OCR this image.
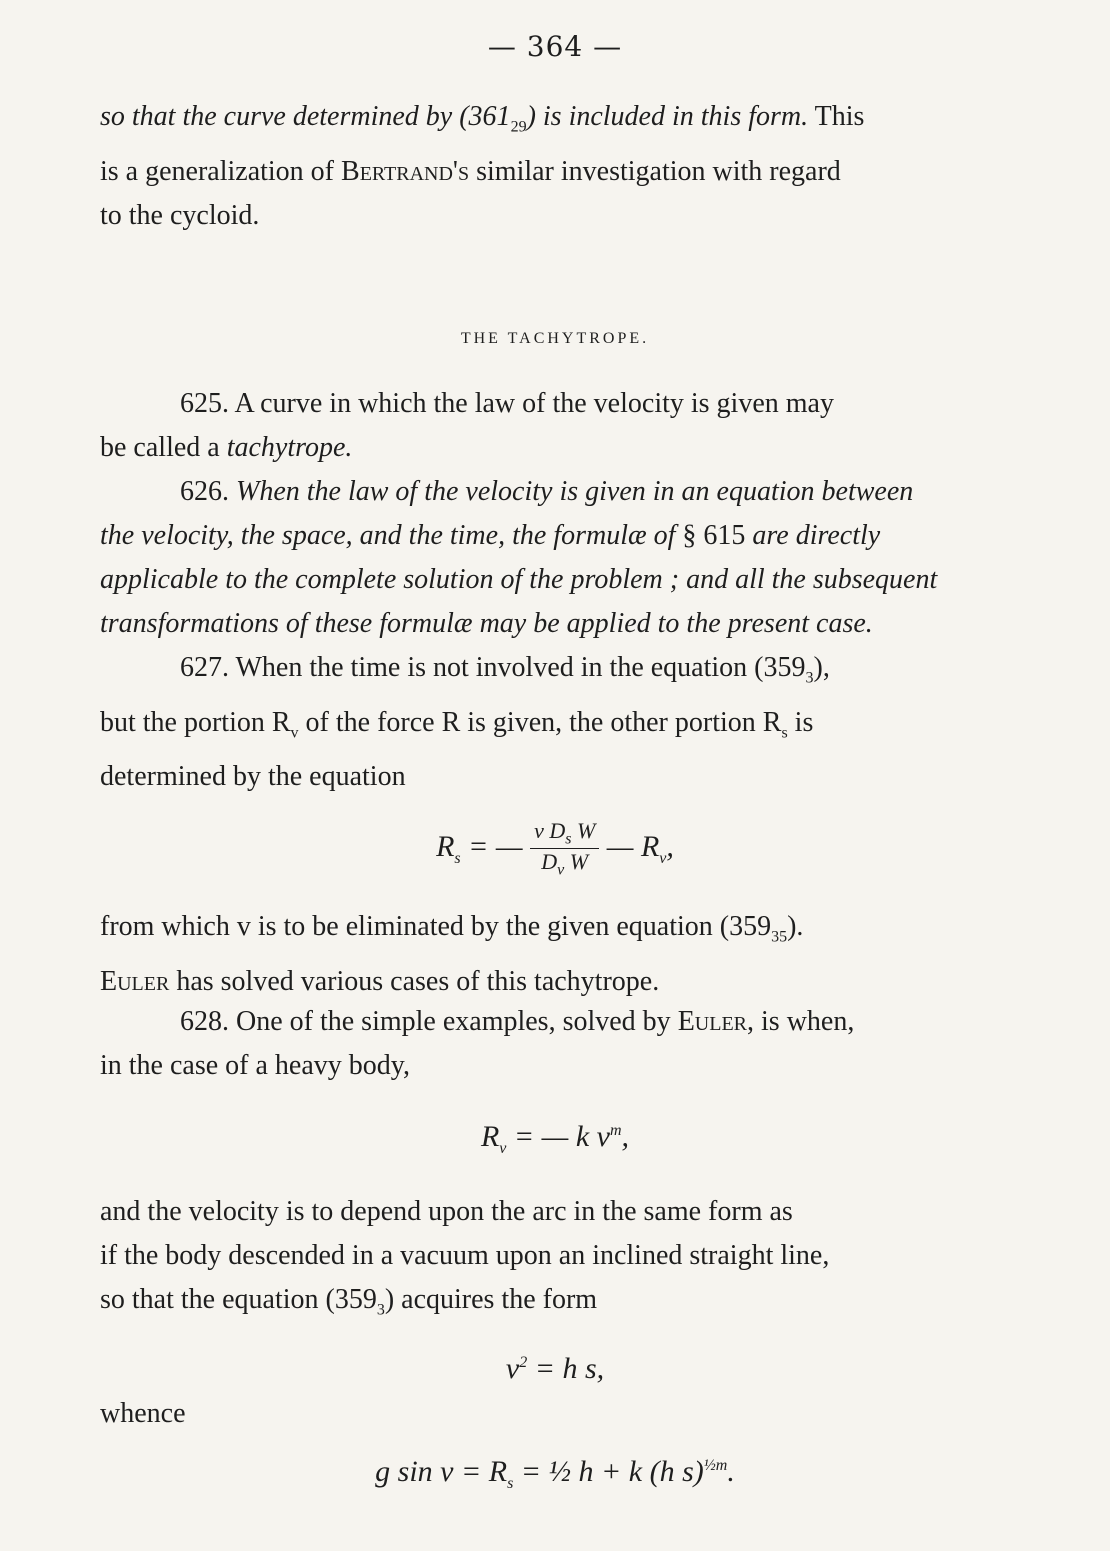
— 364 —
so that the curve determined by $(361_{29})$ is included in this form. This
is a generalization of Bertrand's similar investigation with regard
to the cycloid.
THE TACHYTROPE.
625. A curve in which the law of the velocity is given may
be called a tachytrope.
626. When the law of the velocity is given in an equation between
the velocity, the space, and the time, the formulæ of § 615 are directly
applicable to the complete solution of the problem ; and all the subsequent
transformations of these formulæ may be applied to the present case.
627. When the time is not involved in the equation $(359_3)$,
but the portion $R_v$ of the force R is given, the other portion $R_s$ is
determined by the equation
$R_s$ = — $\frac{v D_s W}{D_v W}$ — $R_v$,
from which v is to be eliminated by the given equation $(359_{35})$.
Euler has solved various cases of this tachytrope.
628. One of the simple examples, solved by Euler, is when,
in the case of a heavy body,
$R_v$ = — k $v^m$,
and the velocity is to depend upon the arc in the same form as
if the body descended in a vacuum upon an inclined straight line,
so that the equation $(359_3)$ acquires the form
$v^2 = h$ s,
whence
g $\sin \nu = R_s$ = ½ h + k (h s)$^{\frac{1}{2}m}$.
